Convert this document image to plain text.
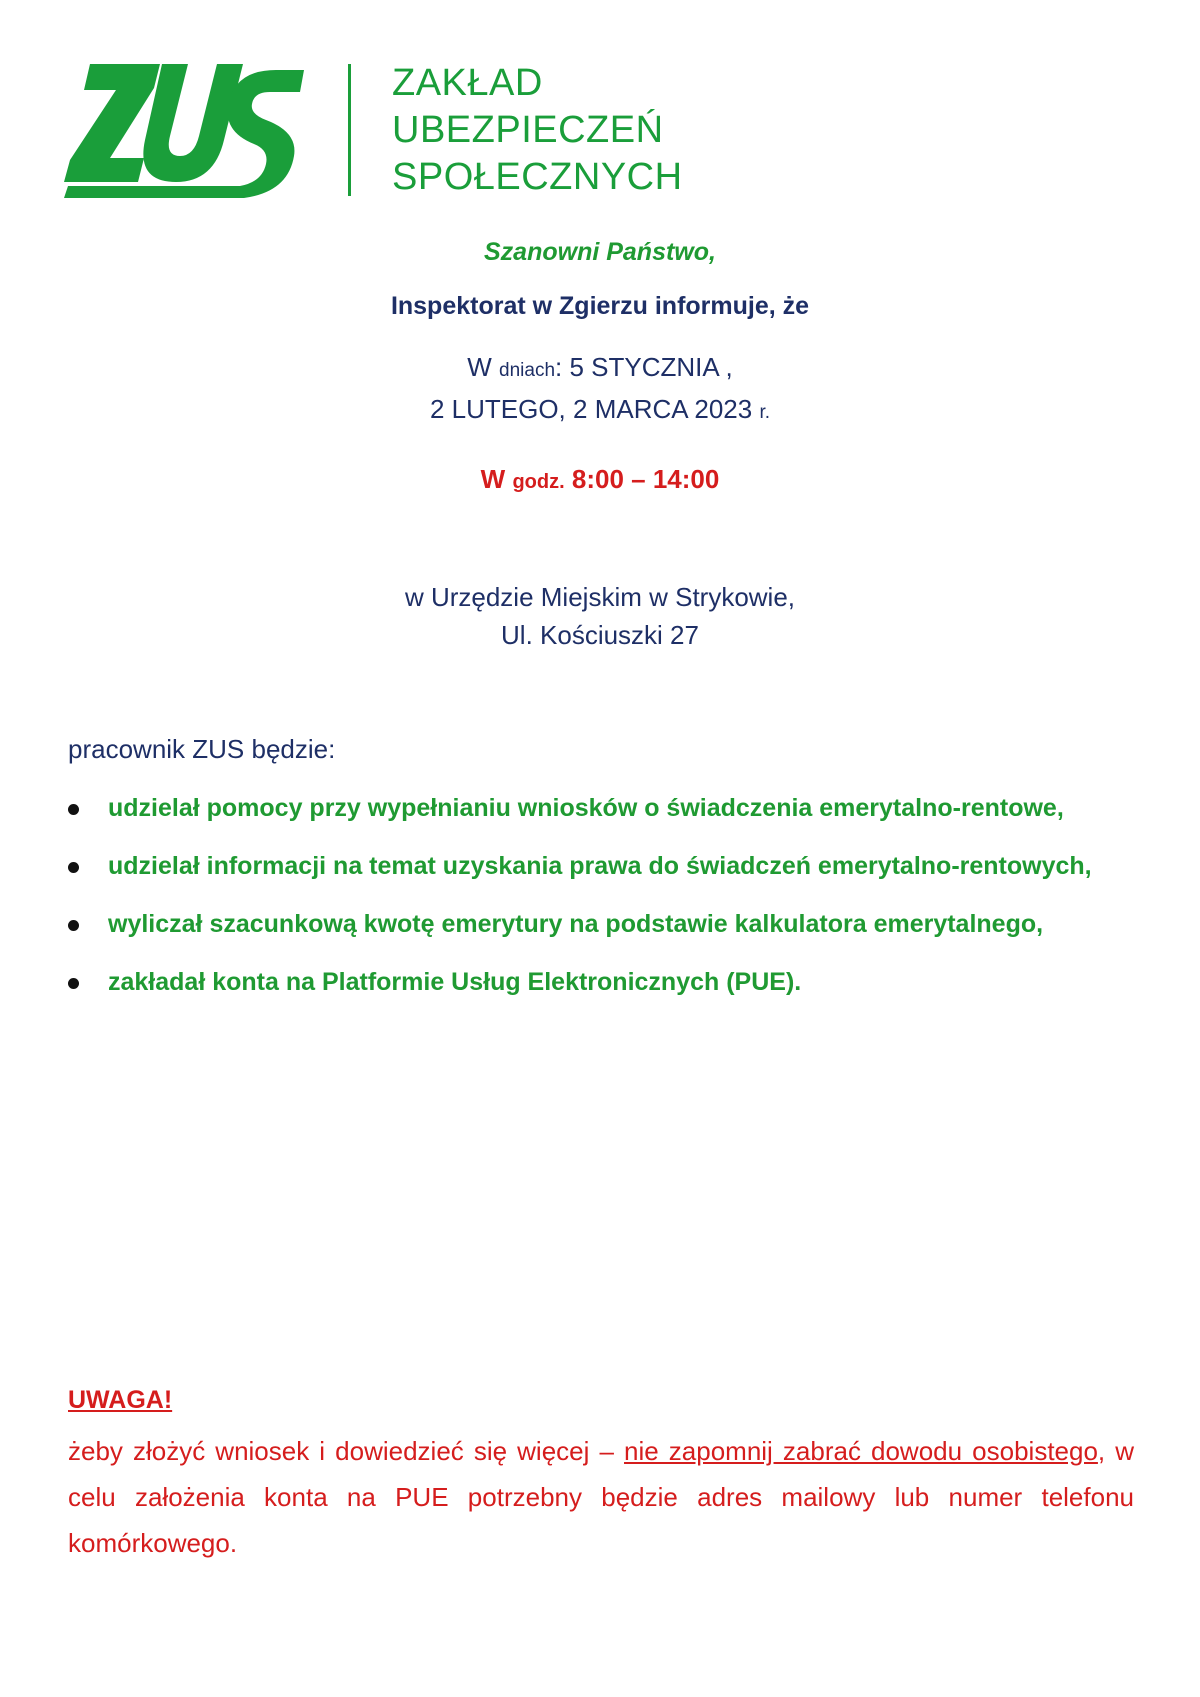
ZAKŁAD
UBEZPIECZEŃ
SPOŁECZNYCH
Szanowni Państwo,
Inspektorat w Zgierzu informuje, że
W dniach: 5 STYCZNIA ,
2 LUTEGO, 2 MARCA 2023 r.
W godz. 8:00 – 14:00
w Urzędzie Miejskim w Strykowie,
Ul. Kościuszki 27
pracownik ZUS będzie:
udzielał pomocy przy wypełnianiu wniosków o świadczenia emerytalno-rentowe,
udzielał informacji na temat uzyskania prawa do świadczeń emerytalno-rentowych,
wyliczał szacunkową kwotę emerytury na podstawie kalkulatora emerytalnego,
zakładał konta na Platformie Usług Elektronicznych (PUE).
UWAGA!

żeby złożyć wniosek i dowiedzieć się więcej – nie zapomnij zabrać dowodu osobistego, w celu założenia konta na PUE potrzebny będzie adres mailowy lub numer telefonu komórkowego.
